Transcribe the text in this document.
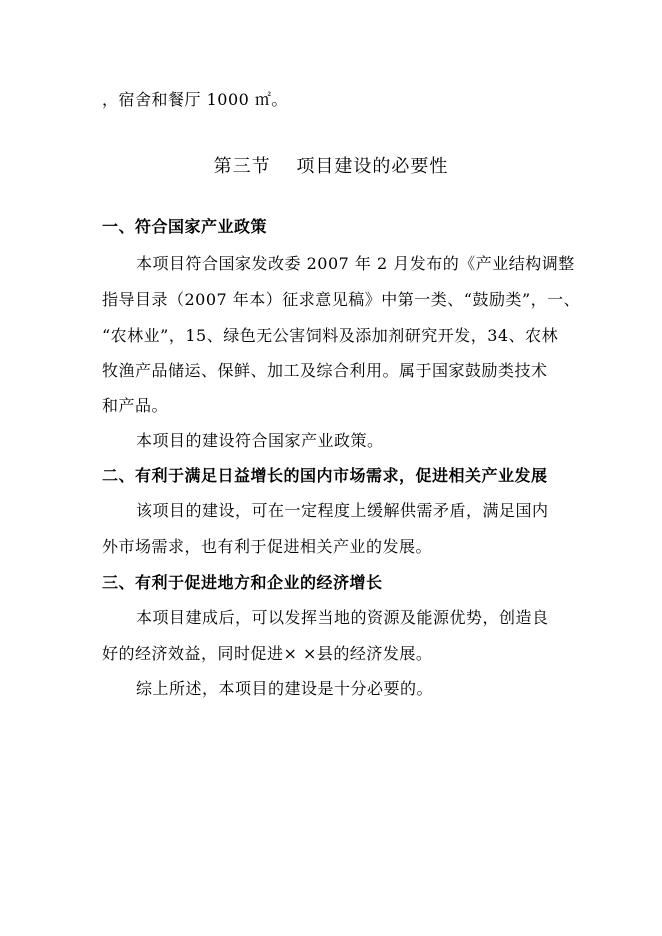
，宿舍和餐厅 1000 ㎡。
第三节　 项目建设的必要性
一、符合国家产业政策
本项目符合国家发改委 2007 年 2 月发布的《产业结构调整
指导目录（2007 年本）征求意见稿》中第一类、“鼓励类”，一、
“农林业”，15、绿色无公害饲料及添加剂研究开发，34、农林
牧渔产品储运、保鲜、加工及综合利用。属于国家鼓励类技术
和产品。
本项目的建设符合国家产业政策。
二、有利于满足日益增长的国内市场需求，促进相关产业发展
该项目的建设，可在一定程度上缓解供需矛盾，满足国内
外市场需求，也有利于促进相关产业的发展。
三、有利于促进地方和企业的经济增长
本项目建成后，可以发挥当地的资源及能源优势，创造良
好的经济效益，同时促进× ×县的经济发展。
综上所述，本项目的建设是十分必要的。
